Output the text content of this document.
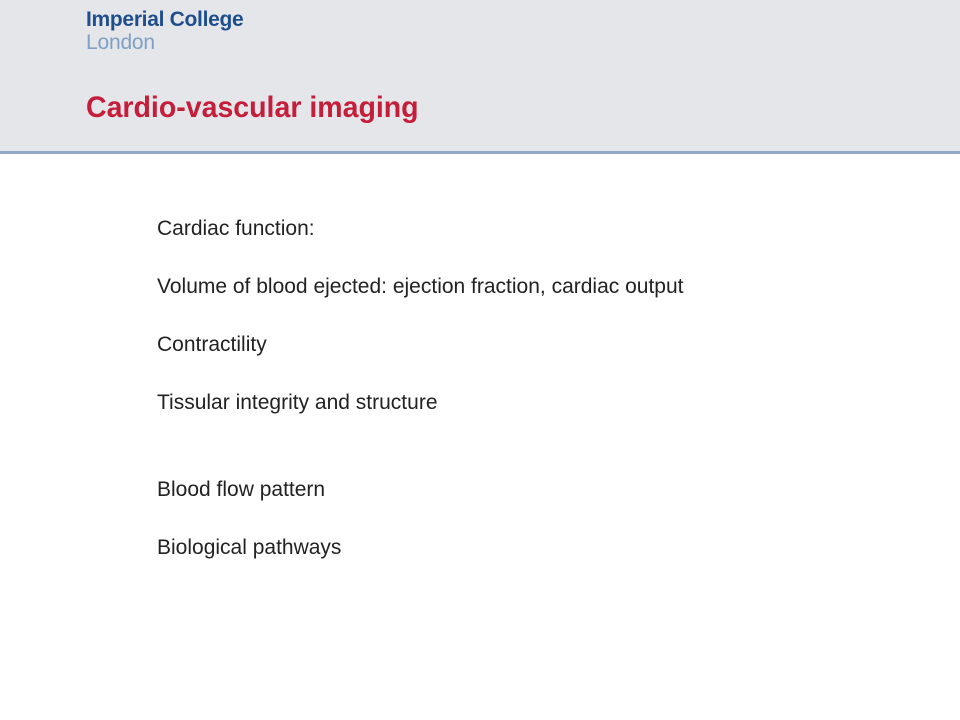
Imperial College
London
Cardio-vascular imaging
Cardiac function:
Volume of blood ejected: ejection fraction, cardiac output
Contractility
Tissular integrity and structure
Blood flow pattern
Biological pathways
